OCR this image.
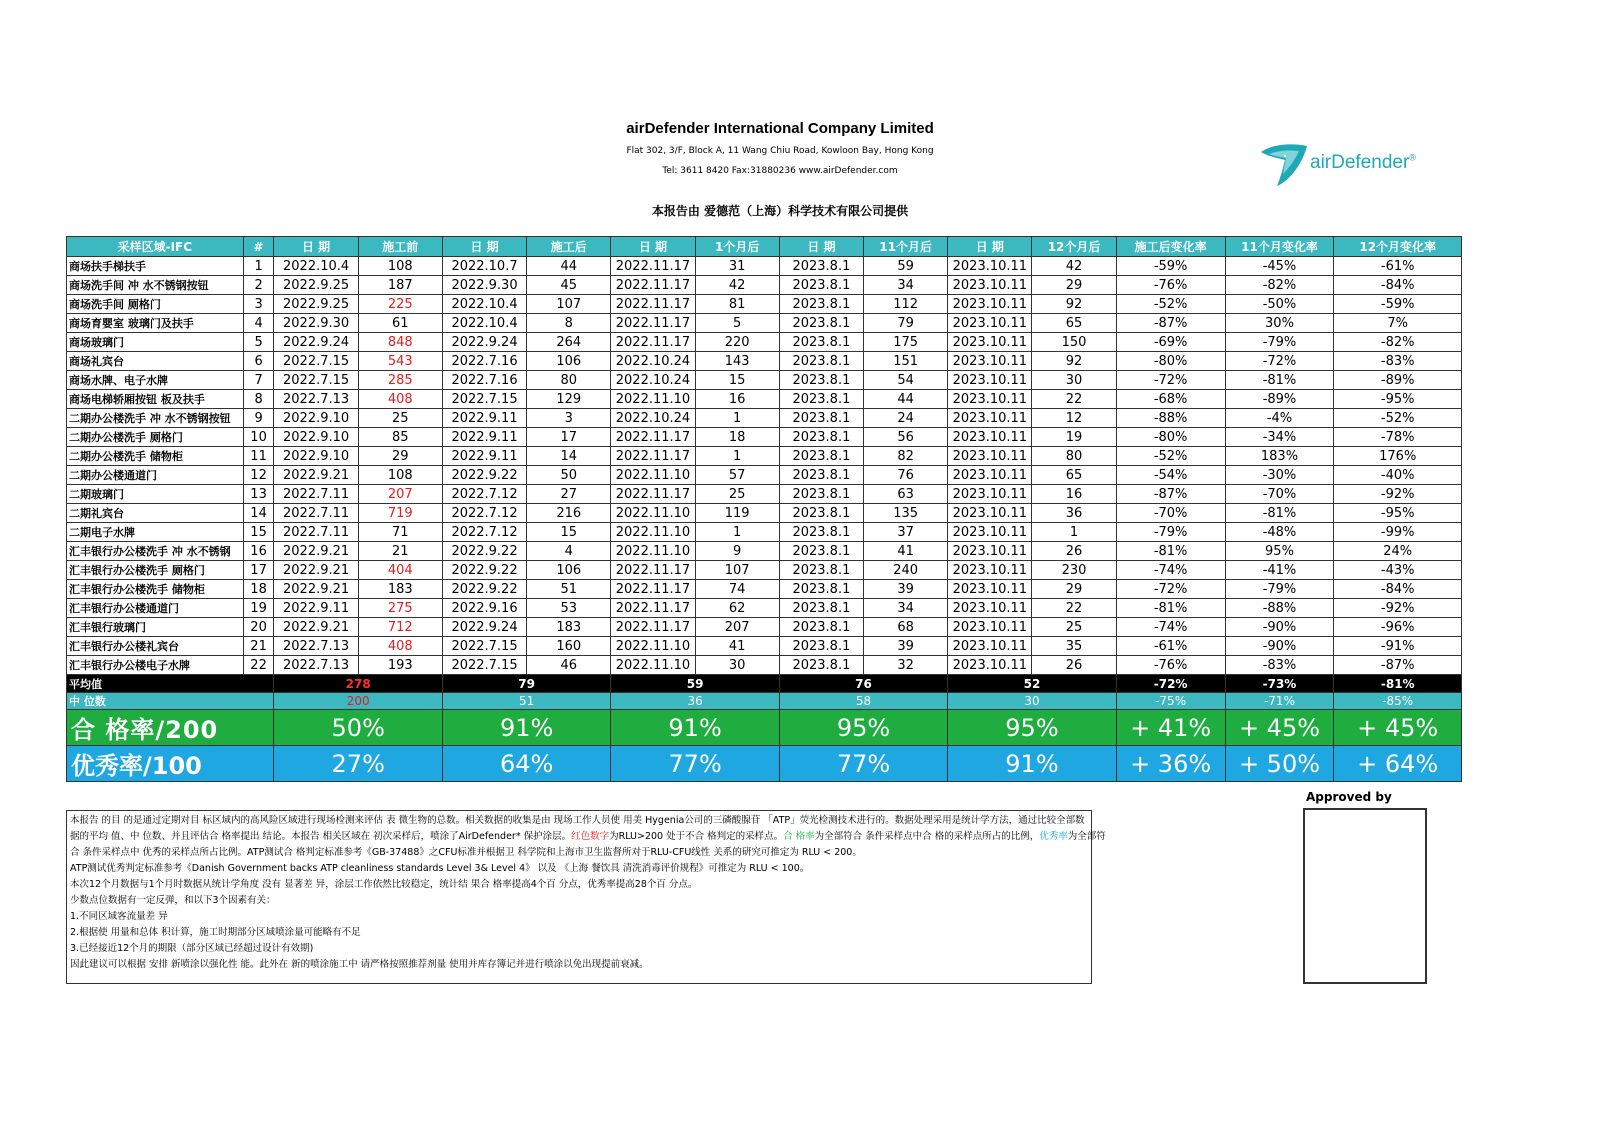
airDefender International Company Limited
Flat 302, 3/F, Block A, 11 Wang Chiu Road, Kowloon Bay, Hong Kong
Tel: 3611 8420 Fax:31880236 www.airDefender.com
本报告由 爱德范（上海）科学技术有限公司提供
airDefender®
采样区域-IFC	#	日 期	施工前	日 期	施工后	日 期	1个月后	日 期	11个月后	日 期	12个月后	施工后变化率	11个月变化率	12个月变化率
商场扶手梯扶手	1	2022.10.4	108	2022.10.7	44	2022.11.17	31	2023.8.1	59	2023.10.11	42	-59%	-45%	-61%
商场洗手间 冲 水不锈钢按钮	2	2022.9.25	187	2022.9.30	45	2022.11.17	42	2023.8.1	34	2023.10.11	29	-76%	-82%	-84%
商场洗手间 厕格门	3	2022.9.25	225	2022.10.4	107	2022.11.17	81	2023.8.1	112	2023.10.11	92	-52%	-50%	-59%
商场育婴室 玻璃门及扶手	4	2022.9.30	61	2022.10.4	8	2022.11.17	5	2023.8.1	79	2023.10.11	65	-87%	30%	7%
商场玻璃门	5	2022.9.24	848	2022.9.24	264	2022.11.17	220	2023.8.1	175	2023.10.11	150	-69%	-79%	-82%
商场礼宾台	6	2022.7.15	543	2022.7.16	106	2022.10.24	143	2023.8.1	151	2023.10.11	92	-80%	-72%	-83%
商场水牌、电子水牌	7	2022.7.15	285	2022.7.16	80	2022.10.24	15	2023.8.1	54	2023.10.11	30	-72%	-81%	-89%
商场电梯轿厢按钮 板及扶手	8	2022.7.13	408	2022.7.15	129	2022.11.10	16	2023.8.1	44	2023.10.11	22	-68%	-89%	-95%
二期办公楼洗手 冲 水不锈钢按钮	9	2022.9.10	25	2022.9.11	3	2022.10.24	1	2023.8.1	24	2023.10.11	12	-88%	-4%	-52%
二期办公楼洗手 厕格门	10	2022.9.10	85	2022.9.11	17	2022.11.17	18	2023.8.1	56	2023.10.11	19	-80%	-34%	-78%
二期办公楼洗手 储物柜	11	2022.9.10	29	2022.9.11	14	2022.11.17	1	2023.8.1	82	2023.10.11	80	-52%	183%	176%
二期办公楼通道门	12	2022.9.21	108	2022.9.22	50	2022.11.10	57	2023.8.1	76	2023.10.11	65	-54%	-30%	-40%
二期玻璃门	13	2022.7.11	207	2022.7.12	27	2022.11.17	25	2023.8.1	63	2023.10.11	16	-87%	-70%	-92%
二期礼宾台	14	2022.7.11	719	2022.7.12	216	2022.11.10	119	2023.8.1	135	2023.10.11	36	-70%	-81%	-95%
二期电子水牌	15	2022.7.11	71	2022.7.12	15	2022.11.10	1	2023.8.1	37	2023.10.11	1	-79%	-48%	-99%
汇丰银行办公楼洗手 冲 水不锈钢	16	2022.9.21	21	2022.9.22	4	2022.11.10	9	2023.8.1	41	2023.10.11	26	-81%	95%	24%
汇丰银行办公楼洗手 厕格门	17	2022.9.21	404	2022.9.22	106	2022.11.17	107	2023.8.1	240	2023.10.11	230	-74%	-41%	-43%
汇丰银行办公楼洗手 储物柜	18	2022.9.21	183	2022.9.22	51	2022.11.17	74	2023.8.1	39	2023.10.11	29	-72%	-79%	-84%
汇丰银行办公楼通道门	19	2022.9.11	275	2022.9.16	53	2022.11.17	62	2023.8.1	34	2023.10.11	22	-81%	-88%	-92%
汇丰银行玻璃门	20	2022.9.21	712	2022.9.24	183	2022.11.17	207	2023.8.1	68	2023.10.11	25	-74%	-90%	-96%
汇丰银行办公楼礼宾台	21	2022.7.13	408	2022.7.15	160	2022.11.10	41	2023.8.1	39	2023.10.11	35	-61%	-90%	-91%
汇丰银行办公楼电子水牌	22	2022.7.13	193	2022.7.15	46	2022.11.10	30	2023.8.1	32	2023.10.11	26	-76%	-83%	-87%
平均值		278		79		59		76		52		-72%	-73%	-81%
中 位数		200		51		36		58		30		-75%	-71%	-85%
合 格率/200		50%		91%		91%		95%		95%		+ 41%	+ 45%	+ 45%
优秀率/100		27%		64%		77%		77%		91%		+ 36%	+ 50%	+ 64%

本报告 的目 的是通过定期对目 标区域内的高风险区域进行现场检测来评估 表 微生物的总数。相关数据的收集是由 现场工作人员使 用美 Hygenia公司的三磷酸腺苷 「ATP」荧光检测技术进行的。数据处理采用是统计学方法，通过比较全部数

据的平均 值、中 位数、并且评估合 格率提出 结论。本报告 相关区域在 初次采样后，喷涂了AirDefender* 保护涂层。红色数字为RLU>200 处于不合 格判定的采样点。合 格率为全部符合 条件采样点中合 格的采样点所占的比例，优秀率为全部符

合 条件采样点中 优秀的采样点所占比例。ATP测试合 格判定标准参考《GB-37488》之CFU标准并根据卫 科学院和上海市卫生监督所对于RLU-CFU线性 关系的研究可推定为 RLU < 200。

ATP测试优秀判定标准参考《Danish Government backs ATP cleanliness standards Level 3& Level 4》 以及 《上海 餐饮具 清洗消毒评价规程》可推定为 RLU < 100。

本次12个月数据与1个月时数据从统计学角度 没有 显著差 异，涂层工作依然比较稳定，统计结 果合 格率提高4个百 分点，优秀率提高28个百 分点。

少数点位数据有一定反弹，和以下3个因素有关：

1.不同区域客流量差 异

2.根据使 用量和总体 积计算，施工时期部分区域喷涂量可能略有不足

3.已经接近12个月的期限（部分区域已经超过设计有效期)

因此建议可以根据 安排 新喷涂以强化性 能。此外在 新的喷涂施工中 请严格按照推荐剂量 使用并库存簿记并进行喷涂以免出现提前衰减。

Approved by
